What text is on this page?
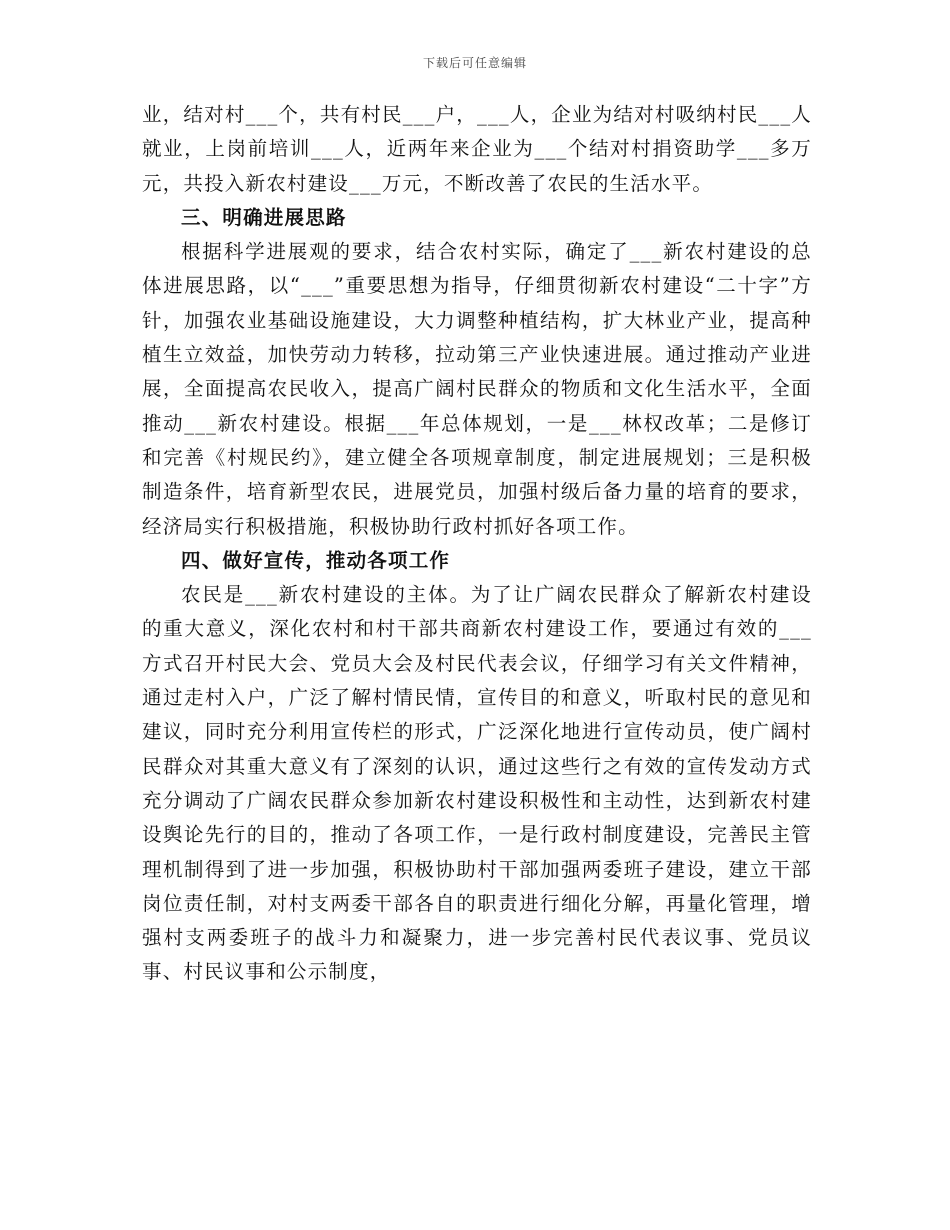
下载后可任意编辑

业，结对村___个，共有村民___户，___人，企业为结对村吸纳村民___人就业，上岗前培训___人，近两年来企业为___个结对村捐资助学___多万元，共投入新农村建设___万元，不断改善了农民的生活水平。

三、明确进展思路

根据科学进展观的要求，结合农村实际，确定了___新农村建设的总体进展思路，以“___”重要思想为指导，仔细贯彻新农村建设“二十字”方针，加强农业基础设施建设，大力调整种植结构，扩大林业产业，提高种植生立效益，加快劳动力转移，拉动第三产业快速进展。通过推动产业进展，全面提高农民收入，提高广阔村民群众的物质和文化生活水平，全面推动___新农村建设。根据___年总体规划，一是___林权改革；二是修订和完善《村规民约》，建立健全各项规章制度，制定进展规划；三是积极制造条件，培育新型农民，进展党员，加强村级后备力量的培育的要求，经济局实行积极措施，积极协助行政村抓好各项工作。

四、做好宣传，推动各项工作

农民是___新农村建设的主体。为了让广阔农民群众了解新农村建设的重大意义，深化农村和村干部共商新农村建设工作，要通过有效的___方式召开村民大会、党员大会及村民代表会议，仔细学习有关文件精神，通过走村入户，广泛了解村情民情，宣传目的和意义，听取村民的意见和建议，同时充分利用宣传栏的形式，广泛深化地进行宣传动员，使广阔村民群众对其重大意义有了深刻的认识，通过这些行之有效的宣传发动方式充分调动了广阔农民群众参加新农村建设积极性和主动性，达到新农村建设舆论先行的目的，推动了各项工作，一是行政村制度建设，完善民主管理机制得到了进一步加强，积极协助村干部加强两委班子建设，建立干部岗位责任制，对村支两委干部各自的职责进行细化分解，再量化管理，增强村支两委班子的战斗力和凝聚力，进一步完善村民代表议事、党员议事、村民议事和公示制度，
